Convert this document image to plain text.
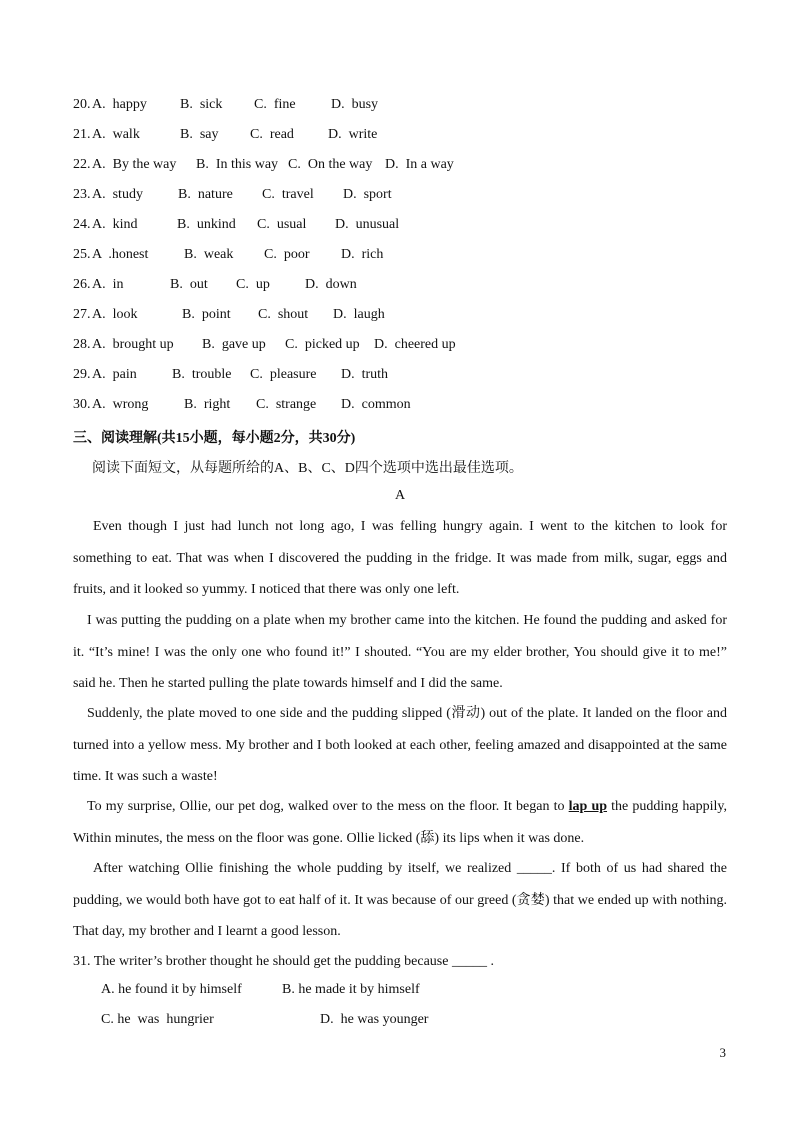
20. A.  happy B.  sick C.  fine	D.  busy
21. A.  walk	B.  say C.  read D.  write
22. A.  By the way B.  In this way C.  On the way D.  In a way
23. A.  study	B.  nature C.  travel D.  sport
24. A.  kind	B.  unkind C.  usual D.  unusual
25. A  .honest	B.  weak C.  poor D.  rich
26. A.  in	B.  out C.  up	D.  down
27. A.  look	B.  point C.  shout D.  laugh
28. A.  brought up B.  gave up C.  picked up D.  cheered up
29. A.  pain	B.  trouble C.  pleasure D.  truth
30. A.  wrong	B.  right C.  strange D.  common
三、阅读理解(共15小题，每小题2分，共30分)
阅读下面短文，从每题所给的A、B、C、D四个选项中选出最佳选项。
A
Even though I just had lunch not long ago, I was felling hungry again. I went to the kitchen to look for something to eat. That was when I discovered the pudding in the fridge. It was made from milk, sugar, eggs and fruits, and it looked so yummy. I noticed that there was only one left.
I was putting the pudding on a plate when my brother came into the kitchen. He found the pudding and asked for it. “It’s mine! I was the only one who found it!” I shouted. “You are my elder brother, You should give it to me!” said he. Then he started pulling the plate towards himself and I did the same.
Suddenly, the plate moved to one side and the pudding slipped (滑动) out of the plate. It landed on the floor and turned into a yellow mess. My brother and I both looked at each other, feeling amazed and disappointed at the same time. It was such a waste!
To my surprise, Ollie, our pet dog, walked over to the mess on the floor. It began to lap up the pudding happily, Within minutes, the mess on the floor was gone. Ollie licked (舔) its lips when it was done.
After watching Ollie finishing the whole pudding by itself, we realized _____. If both of us had shared the pudding, we would both have got to eat half of it. It was because of our greed (贪婪) that we ended up with nothing. That day, my brother and I learnt a good lesson.
31. The writer’s brother thought he should get the pudding because _____ .
A. he found it by himself	B. he made it by himself
C. he  was  hungrier	D.  he was younger
3
